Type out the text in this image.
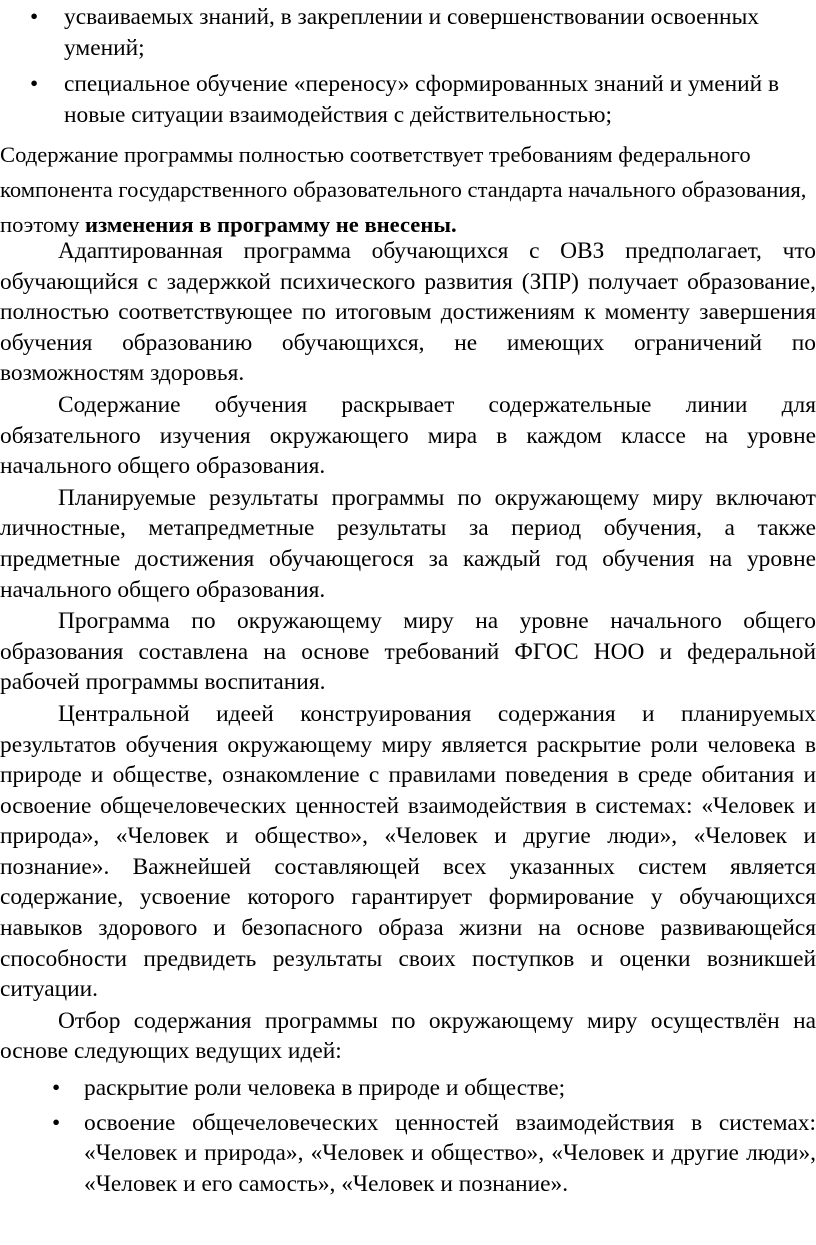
• усваиваемых знаний, в закреплении и совершенствовании освоенных умений;
• специальное обучение «переносу» сформированных знаний и умений в новые ситуации взаимодействия с действительностью;

Содержание программы полностью соответствует требованиям федерального компонента государственного образовательного стандарта начального образования, поэтому изменения в программу не внесены.

Адаптированная программа обучающихся с ОВЗ предполагает, что обучающийся с задержкой психического развития (ЗПР) получает образование, полностью соответствующее по итоговым достижениям к моменту завершения обучения образованию обучающихся, не имеющих ограничений по возможностям здоровья.

Содержание обучения раскрывает содержательные линии для обязательного изучения окружающего мира в каждом классе на уровне начального общего образования.

Планируемые результаты программы по окружающему миру включают личностные, метапредметные результаты за период обучения, а также предметные достижения обучающегося за каждый год обучения на уровне начального общего образования.

Программа по окружающему миру на уровне начального общего образования составлена на основе требований ФГОС НОО и федеральной рабочей программы воспитания.

Центральной идеей конструирования содержания и планируемых результатов обучения окружающему миру является раскрытие роли человека в природе и обществе, ознакомление с правилами поведения в среде обитания и освоение общечеловеческих ценностей взаимодействия в системах: «Человек и природа», «Человек и общество», «Человек и другие люди», «Человек и познание». Важнейшей составляющей всех указанных систем является содержание, усвоение которого гарантирует формирование у обучающихся навыков здорового и безопасного образа жизни на основе развивающейся способности предвидеть результаты своих поступков и оценки возникшей ситуации.

Отбор содержания программы по окружающему миру осуществлён на основе следующих ведущих идей:

• раскрытие роли человека в природе и обществе;
• освоение общечеловеческих ценностей взаимодействия в системах: «Человек и природа», «Человек и общество», «Человек и другие люди», «Человек и его самость», «Человек и познание».
